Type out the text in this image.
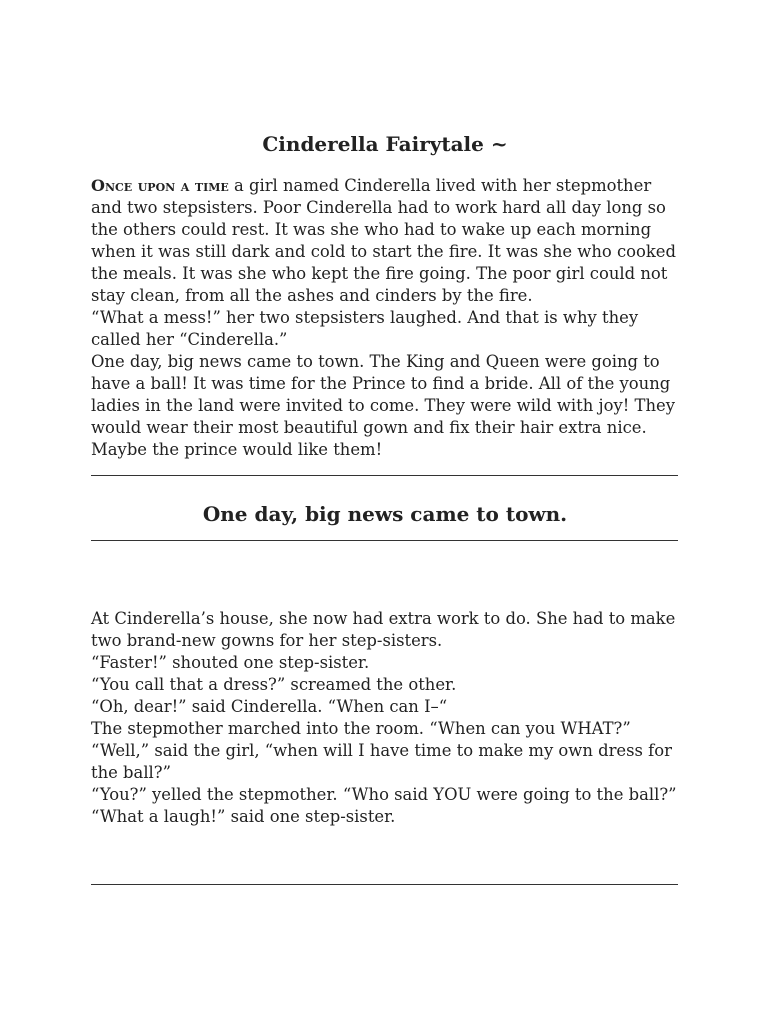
Cinderella Fairytale ~

Once upon a time a girl named Cinderella lived with her stepmother
and two stepsisters. Poor Cinderella had to work hard all day long so
the others could rest. It was she who had to wake up each morning
when it was still dark and cold to start the fire. It was she who cooked
the meals. It was she who kept the fire going. The poor girl could not
stay clean, from all the ashes and cinders by the fire.
“What a mess!” her two stepsisters laughed. And that is why they
called her “Cinderella.”
One day, big news came to town. The King and Queen were going to
have a ball! It was time for the Prince to find a bride. All of the young
ladies in the land were invited to come. They were wild with joy! They
would wear their most beautiful gown and fix their hair extra nice.
Maybe the prince would like them!

One day, big news came to town.

At Cinderella’s house, she now had extra work to do. She had to make
two brand-new gowns for her step-sisters.
“Faster!” shouted one step-sister.
“You call that a dress?” screamed the other.
“Oh, dear!” said Cinderella. “When can I–“
The stepmother marched into the room. “When can you WHAT?”
“Well,” said the girl, “when will I have time to make my own dress for
the ball?”
“You?” yelled the stepmother. “Who said YOU were going to the ball?”
“What a laugh!” said one step-sister.
